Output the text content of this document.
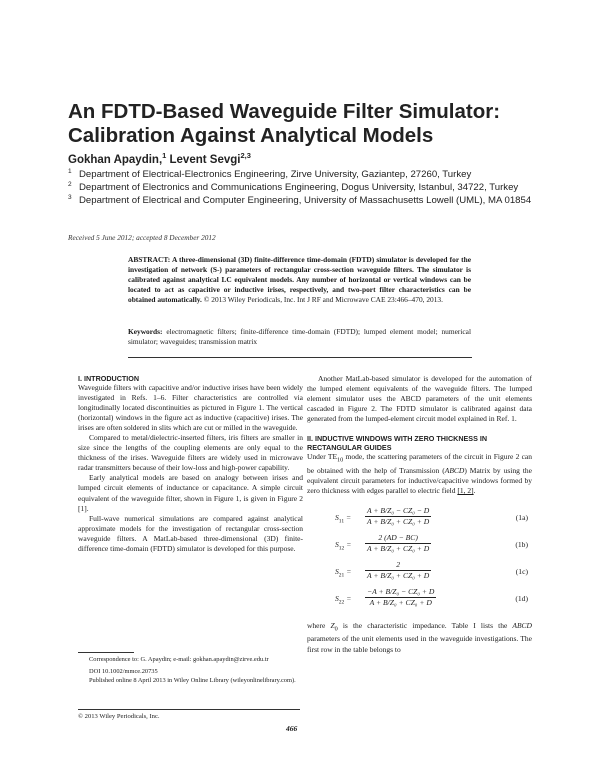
An FDTD-Based Waveguide Filter Simulator:
Calibration Against Analytical Models
Gokhan Apaydin,$^1$ Levent Sevgi$^{2,3}$
1 Department of Electrical-Electronics Engineering, Zirve University, Gaziantep, 27260, Turkey
2 Department of Electronics and Communications Engineering, Dogus University, Istanbul, 34722, Turkey
3 Department of Electrical and Computer Engineering, University of Massachusetts Lowell (UML), MA 01854
Received 5 June 2012; accepted 8 December 2012
ABSTRACT: A three-dimensional (3D) finite-difference time-domain (FDTD) simulator is developed for the investigation of network (S-) parameters of rectangular cross-section waveguide filters. The simulator is calibrated against analytical LC equivalent models. Any number of horizontal or vertical windows can be located to act as capacitive or inductive irises, respectively, and two-port filter characteristics can be obtained automatically. © 2013 Wiley Periodicals, Inc. Int J RF and Microwave CAE 23:466–470, 2013.
Keywords: electromagnetic filters; finite-difference time-domain (FDTD); lumped element model; numerical simulator; waveguides; transmission matrix
I. INTRODUCTION

Waveguide filters with capacitive and/or inductive irises have been widely investigated in Refs. 1–6. Filter characteristics are controlled via longitudinally located discontinuities as pictured in Figure 1. The vertical (horizontal) windows in the figure act as inductive (capacitive) irises. The irises are often soldered in slits which are cut or milled in the waveguide.

Compared to metal/dielectric-inserted filters, iris filters are smaller in size since the lengths of the coupling elements are only equal to the thickness of the irises. Waveguide filters are widely used in microwave radar transmitters because of their low-loss and high-power capability.

Early analytical models are based on analogy between irises and lumped circuit elements of inductance or capacitance. A simple circuit equivalent of the waveguide filter, shown in Figure 1, is given in Figure 2 [1].

Full-wave numerical simulations are compared against analytical approximate models for the investigation of rectangular cross-section waveguide filters. A MatLab-based three-dimensional (3D) finite-difference time-domain (FDTD) simulator is developed for this purpose.

Another MatLab-based simulator is developed for the automation of the lumped element equivalents of the waveguide filters. The lumped element simulator uses the ABCD parameters of the unit elements cascaded in Figure 2. The FDTD simulator is calibrated against data generated from the lumped-element circuit model explained in Ref. 1.

II. INDUCTIVE WINDOWS WITH ZERO THICKNESS IN RECTANGULAR GUIDES

Under $TE_{10}$ mode, the scattering parameters of the circuit in Figure 2 can be obtained with the help of Transmission (ABCD) Matrix by using the equivalent circuit parameters for inductive/capacitive windows formed by zero thickness with edges parallel to electric field [1, 2].

$S_{11} = \frac{\text{A + B/Z₀ − CZ₀ − D}}{\text{A + B/Z₀ + CZ₀ + D}}$	(1a)
$S_{12} = \frac{2 (AD - BC)}{\text{A + B/Z₀ + CZ₀ + D}}$	(1b)
$S_{21} = \frac{2}{\text{A + B/Z₀ + CZ₀ + D}}$	(1c)
$S_{22} = \frac{\text{−A + B/Z₀ − CZ₀ + D}}{\text{A + B/Z₀ + CZ₀ + D}}$	(1d)

where $Z_0$ is the characteristic impedance. Table I lists the ABCD parameters of the unit elements used in the waveguide investigations. The first row in the table belongs to

Correspondence to: G. Apaydin; e-mail: gokhan.apaydin@zirve.edu.tr
DOI 10.1002/mmce.20735
Published online 8 April 2013 in Wiley Online Library (wileyonlinelibrary.com).
© 2013 Wiley Periodicals, Inc.
466
